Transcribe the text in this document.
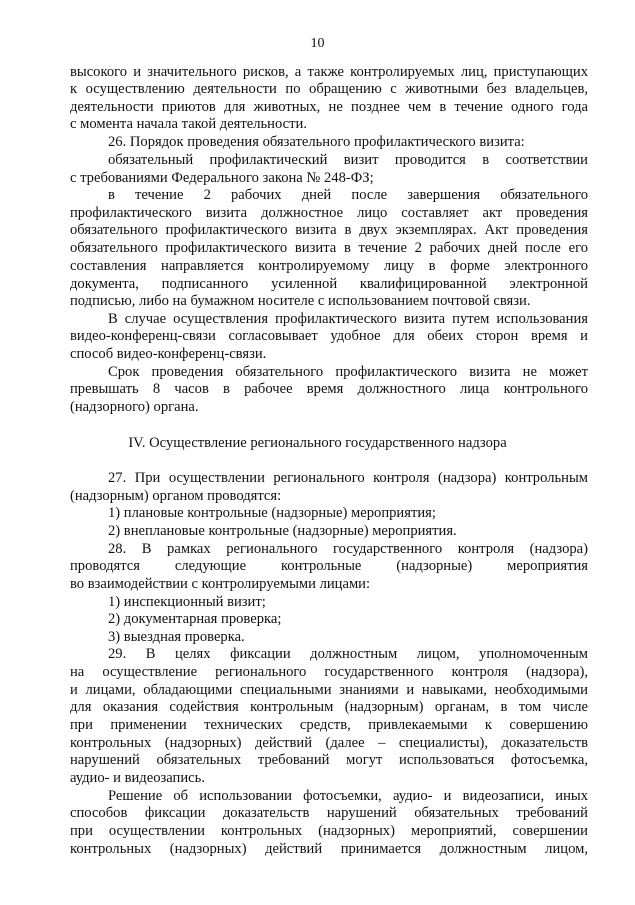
10
высокого и значительного рисков, а также контролируемых лиц, приступающих
к осуществлению деятельности по обращению с животными без владельцев,
деятельности приютов для животных, не позднее чем в течение одного года
с момента начала такой деятельности.
26. Порядок проведения обязательного профилактического визита:
обязательный профилактический визит проводится в соответствии
с требованиями Федерального закона № 248-ФЗ;
в течение 2 рабочих дней после завершения обязательного
профилактического визита должностное лицо составляет акт проведения
обязательного профилактического визита в двух экземплярах. Акт проведения
обязательного профилактического визита в течение 2 рабочих дней после его
составления направляется контролируемому лицу в форме электронного
документа, подписанного усиленной квалифицированной электронной
подписью, либо на бумажном носителе с использованием почтовой связи.
В случае осуществления профилактического визита путем использования
видео-конференц-связи согласовывает удобное для обеих сторон время и
способ видео-конференц-связи.
Срок проведения обязательного профилактического визита не может
превышать 8 часов в рабочее время должностного лица контрольного
(надзорного) органа.
IV. Осуществление регионального государственного надзора
27. При осуществлении регионального контроля (надзора) контрольным
(надзорным) органом проводятся:
1) плановые контрольные (надзорные) мероприятия;
2) внеплановые контрольные (надзорные) мероприятия.
28. В рамках регионального государственного контроля (надзора)
проводятся следующие контрольные (надзорные) мероприятия
во взаимодействии с контролируемыми лицами:
1) инспекционный визит;
2) документарная проверка;
3) выездная проверка.
29. В целях фиксации должностным лицом, уполномоченным
на осуществление регионального государственного контроля (надзора),
и лицами, обладающими специальными знаниями и навыками, необходимыми
для оказания содействия контрольным (надзорным) органам, в том числе
при применении технических средств, привлекаемыми к совершению
контрольных (надзорных) действий (далее – специалисты), доказательств
нарушений обязательных требований могут использоваться фотосъемка,
аудио- и видеозапись.
Решение об использовании фотосъемки, аудио- и видеозаписи, иных
способов фиксации доказательств нарушений обязательных требований
при осуществлении контрольных (надзорных) мероприятий, совершении
контрольных (надзорных) действий принимается должностным лицом,
